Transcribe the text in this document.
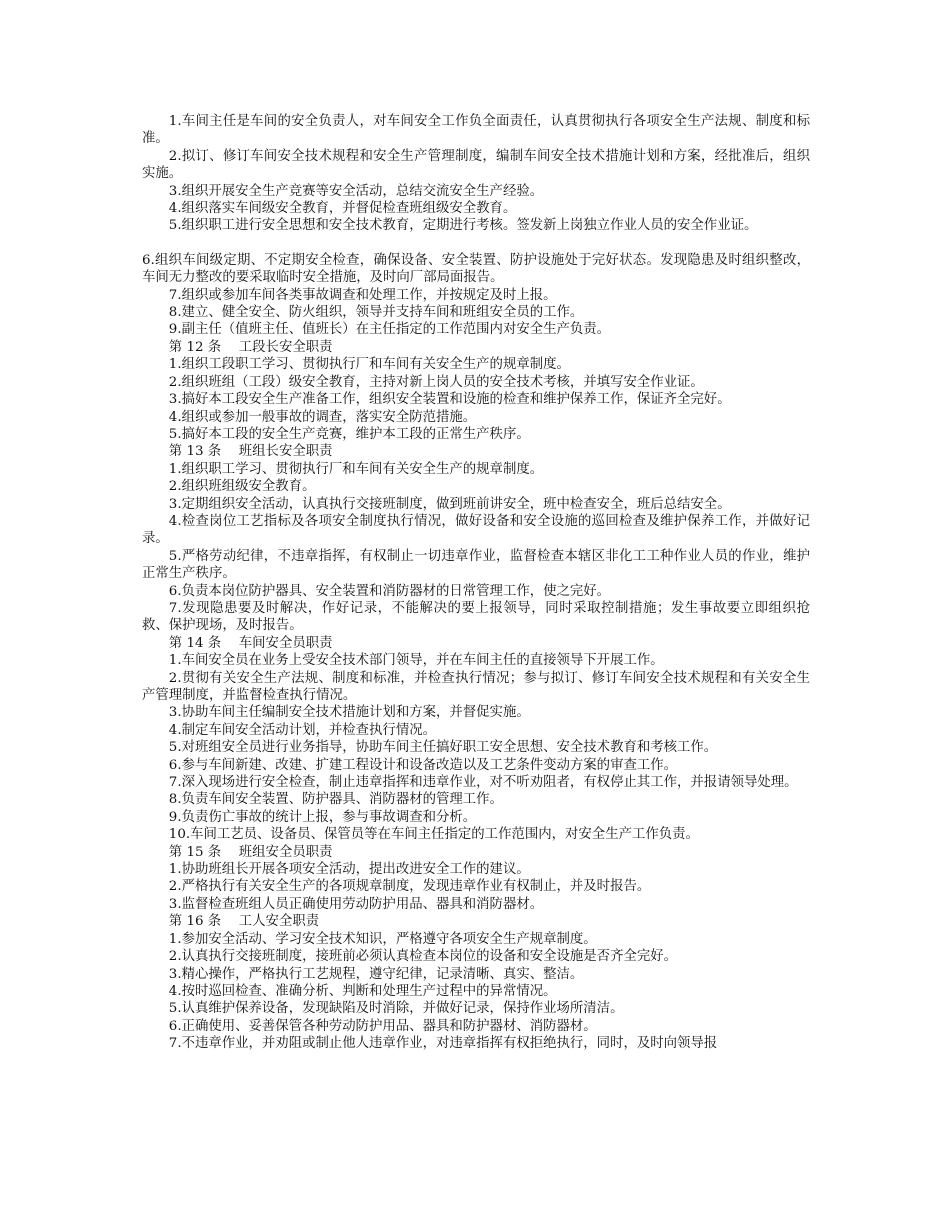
1.车间主任是车间的安全负责人，对车间安全工作负全面责任，认真贯彻执行各项安全生产法规、制度和标准。

2.拟订、修订车间安全技术规程和安全生产管理制度，编制车间安全技术措施计划和方案，经批准后，组织实施。

3.组织开展安全生产竞赛等安全活动，总结交流安全生产经验。

4.组织落实车间级安全教育，并督促检查班组级安全教育。

5.组织职工进行安全思想和安全技术教育，定期进行考核。签发新上岗独立作业人员的安全作业证。

6.组织车间级定期、不定期安全检查，确保设备、安全装置、防护设施处于完好状态。发现隐患及时组织整改，车间无力整改的要采取临时安全措施，及时向厂部局面报告。

7.组织或参加车间各类事故调查和处理工作，并按规定及时上报。

8.建立、健全安全、防火组织，领导并支持车间和班组安全员的工作。

9.副主任（值班主任、值班长）在主任指定的工作范围内对安全生产负责。

第 12 条　 工段长安全职责

1.组织工段职工学习、贯彻执行厂和车间有关安全生产的规章制度。

2.组织班组（工段）级安全教育，主持对新上岗人员的安全技术考核，并填写安全作业证。

3.搞好本工段安全生产准备工作，组织安全装置和设施的检查和维护保养工作，保证齐全完好。

4.组织或参加一般事故的调查，落实安全防范措施。

5.搞好本工段的安全生产竞赛，维护本工段的正常生产秩序。

第 13 条　 班组长安全职责

1.组织职工学习、贯彻执行厂和车间有关安全生产的规章制度。

2.组织班组级安全教育。

3.定期组织安全活动，认真执行交接班制度，做到班前讲安全，班中检查安全，班后总结安全。

4.检查岗位工艺指标及各项安全制度执行情况，做好设备和安全设施的巡回检查及维护保养工作，并做好记录。

5.严格劳动纪律，不违章指挥，有权制止一切违章作业，监督检查本辖区非化工工种作业人员的作业，维护正常生产秩序。

6.负责本岗位防护器具、安全装置和消防器材的日常管理工作，使之完好。

7.发现隐患要及时解决，作好记录，不能解决的要上报领导，同时采取控制措施；发生事故要立即组织抢救、保护现场，及时报告。

第 14 条　 车间安全员职责

1.车间安全员在业务上受安全技术部门领导，并在车间主任的直接领导下开展工作。

2.贯彻有关安全生产法规、制度和标准，并检查执行情况；参与拟订、修订车间安全技术规程和有关安全生产管理制度，并监督检查执行情况。

3.协助车间主任编制安全技术措施计划和方案，并督促实施。

4.制定车间安全活动计划，并检查执行情况。

5.对班组安全员进行业务指导，协助车间主任搞好职工安全思想、安全技术教育和考核工作。

6.参与车间新建、改建、扩建工程设计和设备改造以及工艺条件变动方案的审查工作。

7.深入现场进行安全检查，制止违章指挥和违章作业，对不听劝阻者，有权停止其工作，并报请领导处理。

8.负责车间安全装置、防护器具、消防器材的管理工作。

9.负责伤亡事故的统计上报，参与事故调查和分析。

10.车间工艺员、设备员、保管员等在车间主任指定的工作范围内，对安全生产工作负责。

第 15 条　 班组安全员职责

1.协助班组长开展各项安全活动，提出改进安全工作的建议。

2.严格执行有关安全生产的各项规章制度，发现违章作业有权制止，并及时报告。

3.监督检查班组人员正确使用劳动防护用品、器具和消防器材。

第 16 条　 工人安全职责

1.参加安全活动、学习安全技术知识，严格遵守各项安全生产规章制度。

2.认真执行交接班制度，接班前必须认真检查本岗位的设备和安全设施是否齐全完好。

3.精心操作，严格执行工艺规程，遵守纪律，记录清晰、真实、整洁。

4.按时巡回检查、准确分析、判断和处理生产过程中的异常情况。

5.认真维护保养设备，发现缺陷及时消除，并做好记录，保持作业场所清洁。

6.正确使用、妥善保管各种劳动防护用品、器具和防护器材、消防器材。

7.不违章作业，并劝阻或制止他人违章作业，对违章指挥有权拒绝执行，同时，及时向领导报
